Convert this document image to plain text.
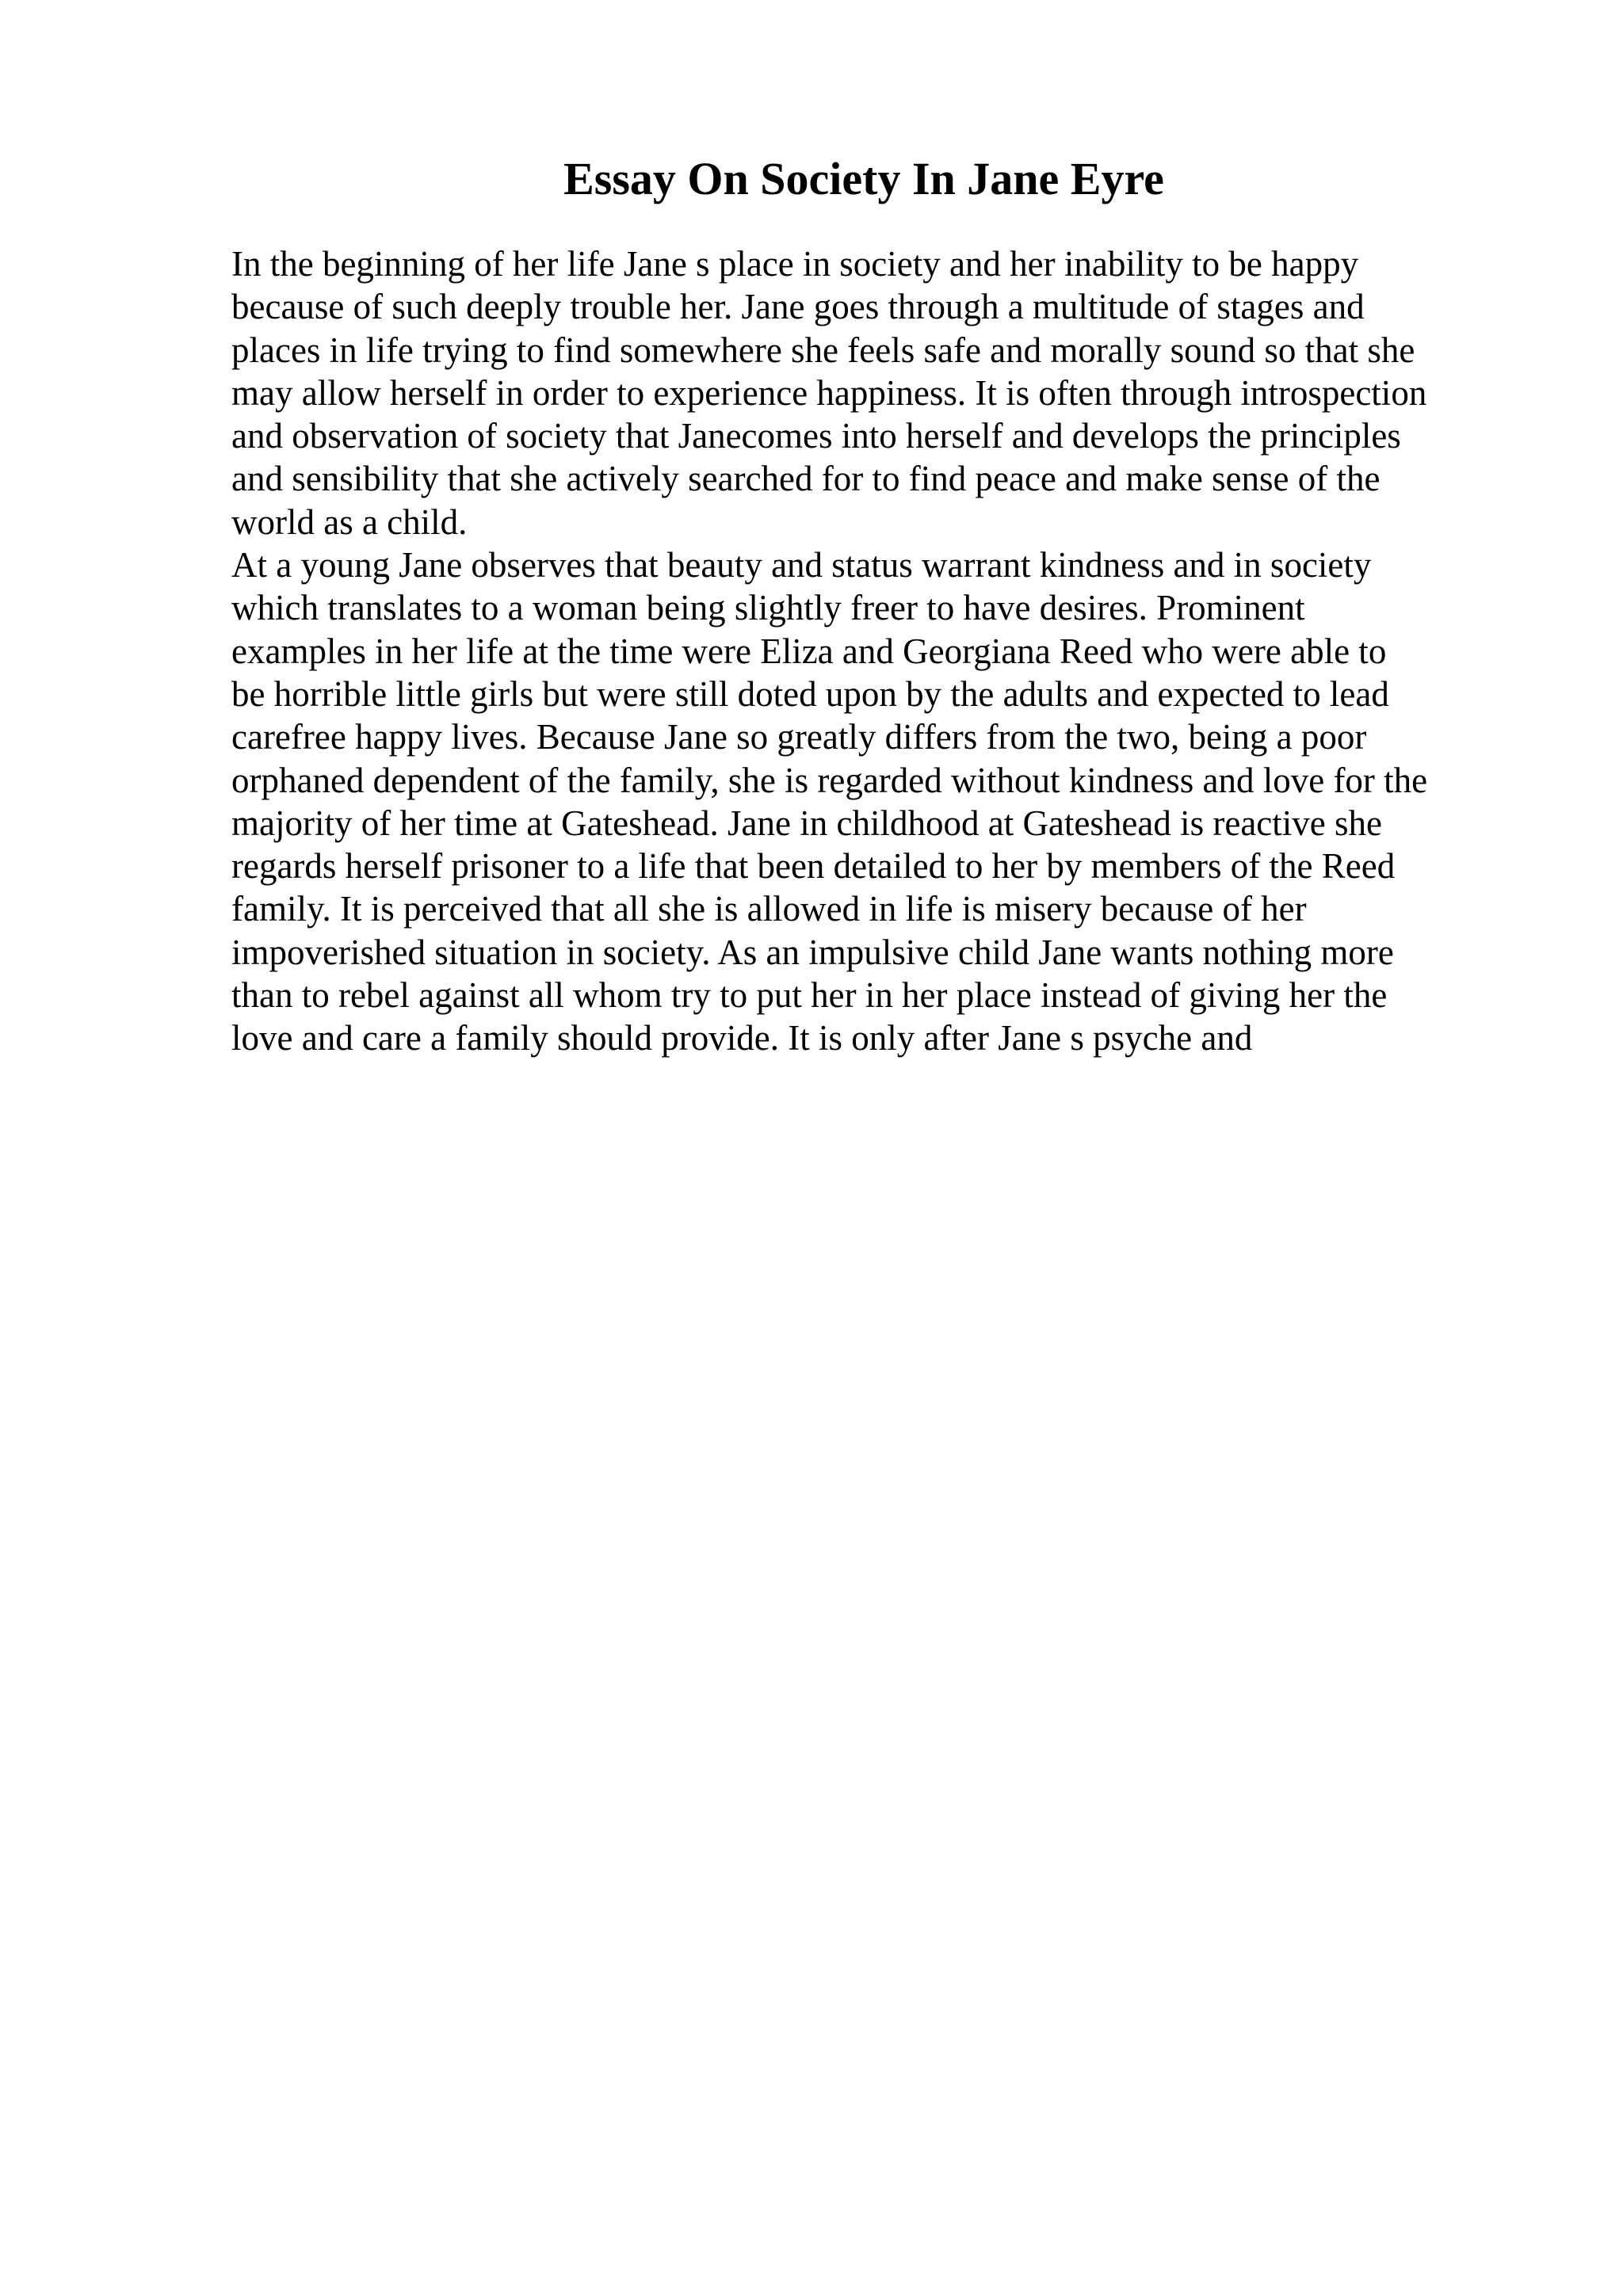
Essay On Society In Jane Eyre
In the beginning of her life Jane s place in society and her inability to be happy
because of such deeply trouble her. Jane goes through a multitude of stages and
places in life trying to find somewhere she feels safe and morally sound so that she
may allow herself in order to experience happiness. It is often through introspection
and observation of society that Janecomes into herself and develops the principles
and sensibility that she actively searched for to find peace and make sense of the
world as a child.
At a young Jane observes that beauty and status warrant kindness and in society
which translates to a woman being slightly freer to have desires. Prominent
examples in her life at the time were Eliza and Georgiana Reed who were able to
be horrible little girls but were still doted upon by the adults and expected to lead
carefree happy lives. Because Jane so greatly differs from the two, being a poor
orphaned dependent of the family, she is regarded without kindness and love for the
majority of her time at Gateshead. Jane in childhood at Gateshead is reactive she
regards herself prisoner to a life that been detailed to her by members of the Reed
family. It is perceived that all she is allowed in life is misery because of her
impoverished situation in society. As an impulsive child Jane wants nothing more
than to rebel against all whom try to put her in her place instead of giving her the
love and care a family should provide. It is only after Jane s psyche and
